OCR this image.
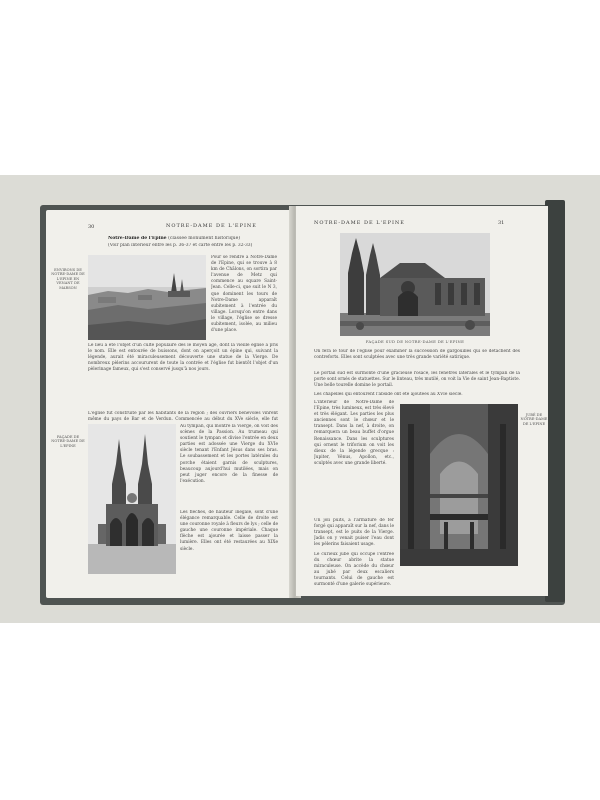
30	NOTRE-DAME DE L'EPINE
Notre-Dame de l'Epine (classée monument historique)
(Voir plan intérieur entre les p. 36-37 et carte entre les p. 32-33)
ENVIRONS DE NOTRE-DAME DE L'EPINE EN VENANT DE MARSON
Pour se rendre à Notre-Dame de l'Epine, qui se trouve à 8 km de Châlons, on sortira par l'avenue de Metz qui commence au square Saint-Jean. Celle-ci, que suit le N 3, que dominent les tours de Notre-Dame apparaît subitement à l'entrée du village. Lorsqu'on entre dans le village, l'église se dresse subitement, isolée, au milieu d'une place.
Le lieu a été l'objet d'un culte populaire dès le moyen âge, dont la vieille église a pris le nom. Elle est entourée de buissons, dont on aperçoit un épine qui, suivant la légende, aurait été miraculeusement découverte une statue de la Vierge. De nombreux pèlerins accoururent de toute la contrée et l'église fut bientôt l'objet d'un pèlerinage fameux, qui s'est conservé jusqu'à nos jours.
L'église fut construite par les habitants de la région ; des ouvriers bénévoles vinrent même du pays de Bar et de Verdun. Commencée au début du XVe siècle, elle fut
FAÇADE DE NOTRE-DAME DE L'EPINE
Au tympan, qui montre la Vierge, on voit des scènes de la Passion. Au trumeau qui soutient le tympan et divise l'entrée en deux parties est adossée une Vierge du XVIe siècle tenant l'Enfant Jésus dans ses bras. Le soubassement et les portes latérales du porche étaient garnis de sculptures, beaucoup aujourd'hui mutilées, mais on peut juger encore de la finesse de l'exécution.
Les flèches, de hauteur inégale, sont d'une élégance remarquable. Celle de droite est une couronne royale à fleurs de lys ; celle de gauche une couronne impériale. Chaque flèche est ajourée et laisse passer la lumière. Elles ont été restaurées au XIXe siècle.
NOTRE-DAME DE L'EPINE	31
FAÇADE SUD DE NOTRE-DAME DE L'EPINE
On fera le tour de l'église pour examiner la succession de gargouilles qui se détachent des contreforts. Elles sont sculptées avec une très grande variété satirique.
Le portail sud est surmonté d'une gracieuse rosace, les fenêtres latérales et le tympan de la porte sont ornés de statuettes. Sur le linteau, très mutilé, on voit la Vie de saint Jean-Baptiste. Une belle tourelle domine le portail.
Les chapelles qui entourent l'abside ont été ajoutées au XVIe siècle.
L'intérieur de Notre-Dame de l'Epine, très lumineux, est très élevé et très élégant. Les parties les plus anciennes sont le chœur et le transept. Dans la nef, à droite, on remarquera un beau buffet d'orgue Renaissance. Dans les sculptures qui ornent le triforium on voit les dieux de la légende grecque : Jupiter, Vénus, Apollon, etc., sculptés avec une grande liberté.
JUBÉ DE NOTRE-DAME DE L'EPINE
Un joli puits, à l'armature de fer forgé qui apparaît sur la nef, dans le transept, est le puits de la Vierge. Jadis on y venait puiser l'eau dont les pèlerins faisaient usage.
Le curieux jubé qui occupe l'entrée du chœur abrite la statue miraculeuse. On accède du chœur au jubé par deux escaliers tournants. Celui de gauche est surmonté d'une galerie supérieure.
